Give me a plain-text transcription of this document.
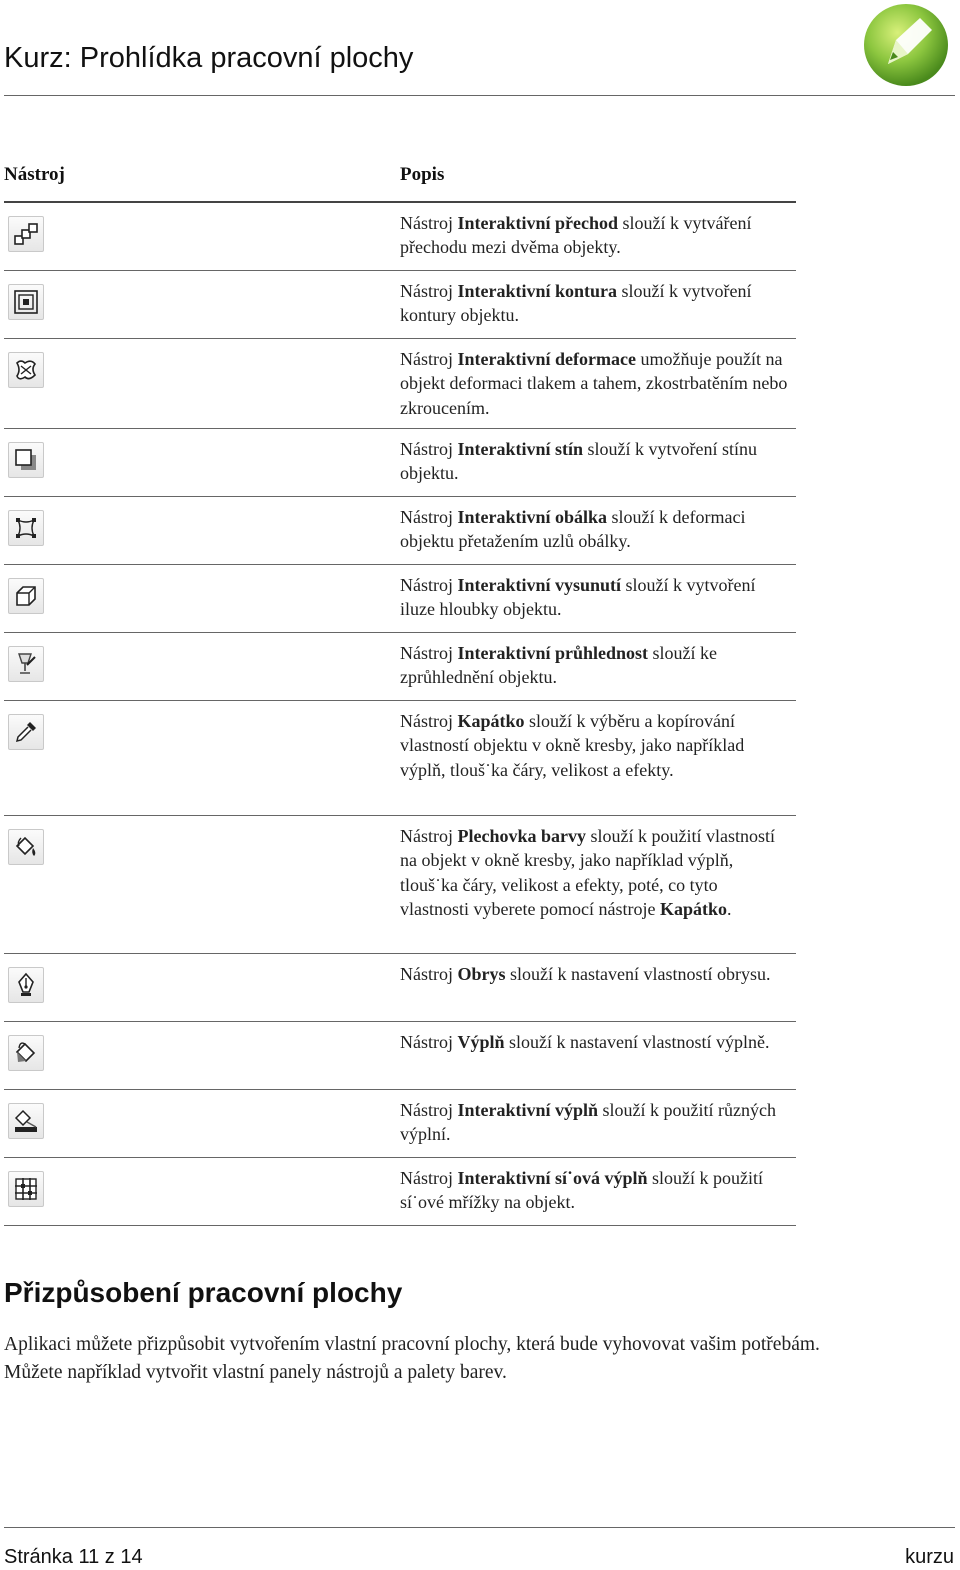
Kurz: Prohlídka pracovní plochy
Nástroj	Popis
Nástroj Interaktivní přechod slouží k vytváření přechodu mezi dvěma objekty.
Nástroj Interaktivní kontura slouží k vytvoření kontury objektu.
Nástroj Interaktivní deformace umožňuje použít na objekt deformaci tlakem a tahem, zkostrbatěním nebo zkroucením.
Nástroj Interaktivní stín slouží k vytvoření stínu objektu.
Nástroj Interaktivní obálka slouží k deformaci objektu přetažením uzlů obálky.
Nástroj Interaktivní vysunutí slouží k vytvoření iluze hloubky objektu.
Nástroj Interaktivní průhlednost slouží ke zprůhlednění objektu.
Nástroj Kapátko slouží k výběru a kopírování vlastností objektu v okně kresby, jako například výplň, tlouš˙ka čáry, velikost a efekty.
Nástroj Plechovka barvy slouží k použití vlastností na objekt v okně kresby, jako například výplň, tlouš˙ka čáry, velikost a efekty, poté, co tyto vlastnosti vyberete pomocí nástroje Kapátko.
Nástroj Obrys slouží k nastavení vlastností obrysu.
Nástroj Výplň slouží k nastavení vlastností výplně.
Nástroj Interaktivní výplň slouží k použití různých výplní.
Nástroj Interaktivní sí˙ová výplň slouží k použití sí˙ové mřížky na objekt.
Přizpůsobení pracovní plochy
Aplikaci můžete přizpůsobit vytvořením vlastní pracovní plochy, která bude vyhovovat vašim potřebám.
Můžete například vytvořit vlastní panely nástrojů a palety barev.
Stránka 11 z 14	kurzu
